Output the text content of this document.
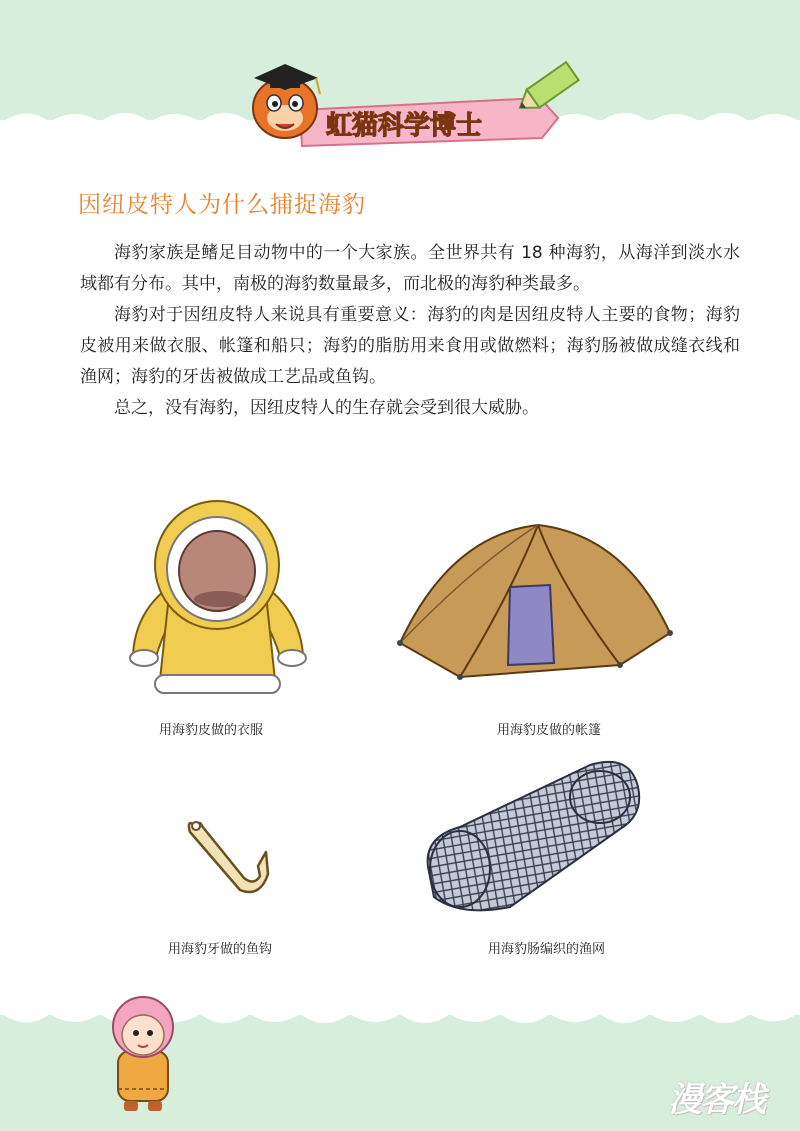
虹猫科学博士
因纽皮特人为什么捕捉海豹

海豹家族是鳍足目动物中的一个大家族。全世界共有 18 种海豹，从海洋到淡水水域都有分布。其中，南极的海豹数量最多，而北极的海豹种类最多。

海豹对于因纽皮特人来说具有重要意义：海豹的肉是因纽皮特人主要的食物；海豹皮被用来做衣服、帐篷和船只；海豹的脂肪用来食用或做燃料；海豹肠被做成缝衣线和渔网；海豹的牙齿被做成工艺品或鱼钩。

总之，没有海豹，因纽皮特人的生存就会受到很大威胁。

用海豹皮做的衣服	用海豹皮做的帐篷
用海豹牙做的鱼钩	用海豹肠编织的渔网
漫客栈
